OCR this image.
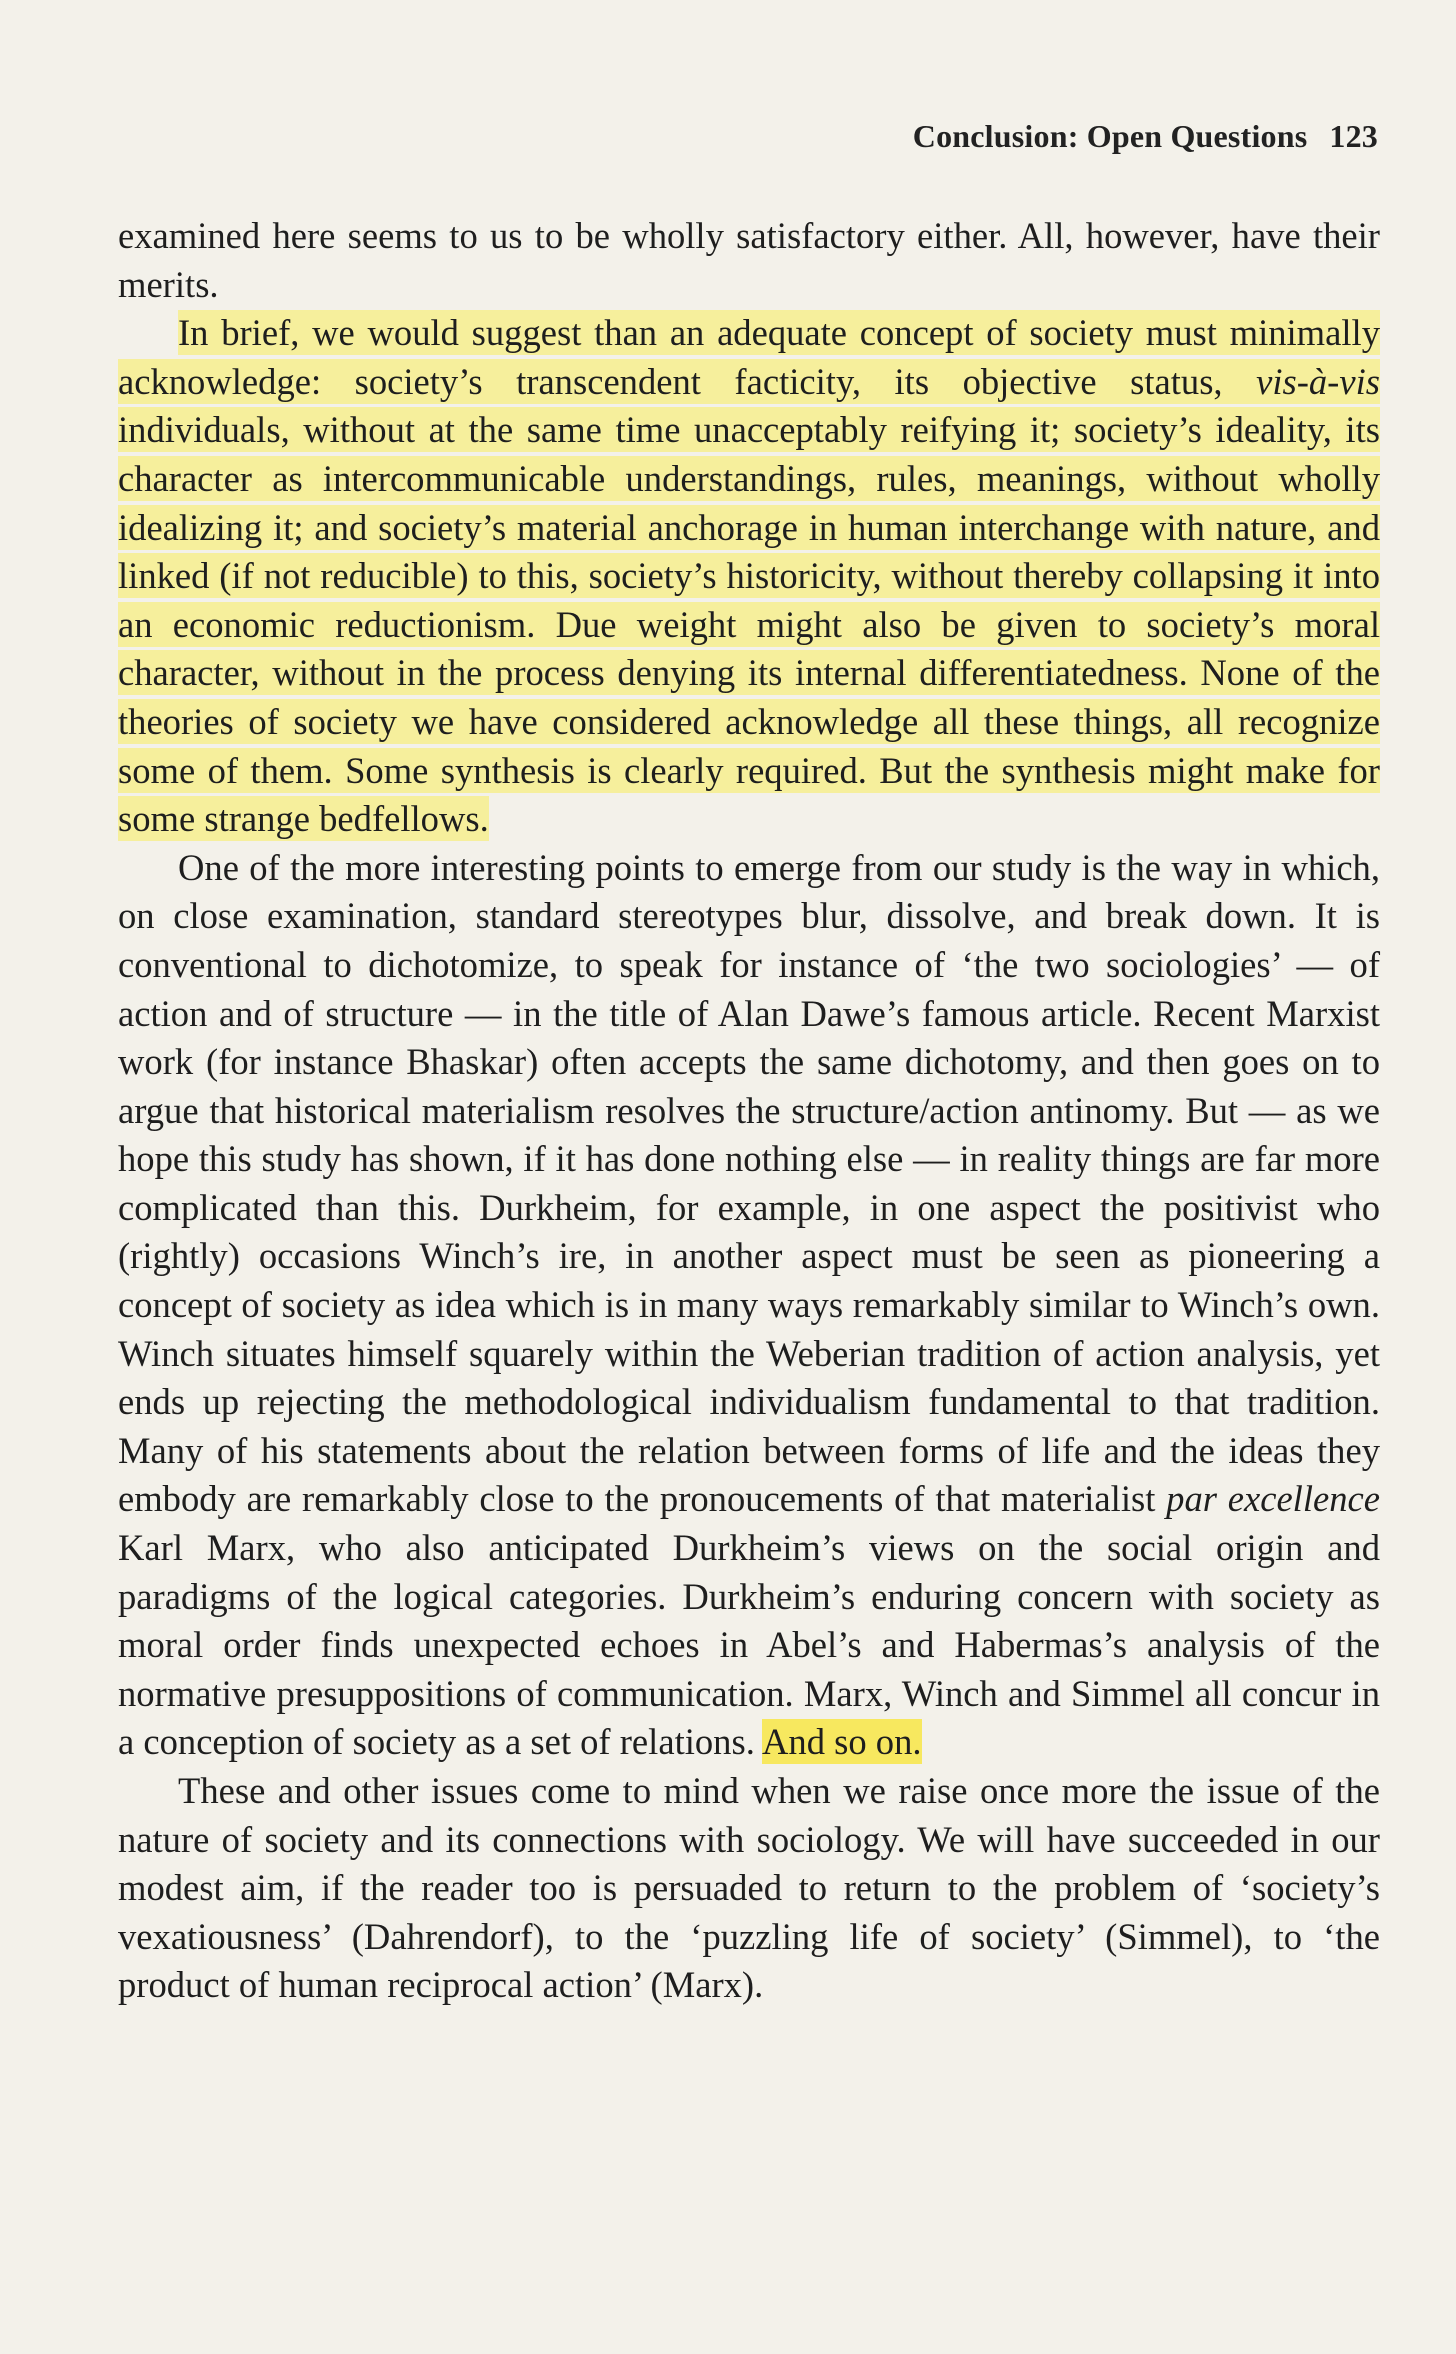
Conclusion: Open Questions 123

examined here seems to us to be wholly satisfactory either. All, however, have their merits.

In brief, we would suggest than an adequate concept of society must minimally acknowledge: society’s transcendent facticity, its objective status, vis-à-vis individuals, without at the same time unacceptably reifying it; society’s ideality, its character as intercommunicable understandings, rules, meanings, without wholly idealizing it; and society’s material anchorage in human interchange with nature, and linked (if not reducible) to this, society’s historicity, without thereby collapsing it into an economic reductionism. Due weight might also be given to society’s moral character, without in the process denying its internal differentiatedness. None of the theories of society we have considered acknowledge all these things, all recognize some of them. Some synthesis is clearly required. But the synthesis might make for some strange bedfellows.

One of the more interesting points to emerge from our study is the way in which, on close examination, standard stereotypes blur, dissolve, and break down. It is conventional to dichotomize, to speak for instance of ‘the two sociologies’ — of action and of structure — in the title of Alan Dawe’s famous article. Recent Marxist work (for instance Bhaskar) often accepts the same dichotomy, and then goes on to argue that historical materialism resolves the structure/action antinomy. But — as we hope this study has shown, if it has done nothing else — in reality things are far more complicated than this. Durkheim, for example, in one aspect the positivist who (rightly) occasions Winch’s ire, in another aspect must be seen as pioneering a concept of society as idea which is in many ways remarkably similar to Winch’s own. Winch situates himself squarely within the Weberian tradition of action analysis, yet ends up rejecting the methodological individualism fundamental to that tradition. Many of his statements about the relation between forms of life and the ideas they embody are remarkably close to the pronoucements of that materialist par excellence Karl Marx, who also anticipated Durkheim’s views on the social origin and paradigms of the logical categories. Durkheim’s enduring concern with society as moral order finds unexpected echoes in Abel’s and Habermas’s analysis of the normative presuppositions of communication. Marx, Winch and Simmel all concur in a conception of society as a set of relations. And so on.

These and other issues come to mind when we raise once more the issue of the nature of society and its connections with sociology. We will have succeeded in our modest aim, if the reader too is persuaded to return to the problem of ‘society’s vexatiousness’ (Dahrendorf), to the ‘puzzling life of society’ (Simmel), to ‘the product of human reciprocal action’ (Marx).
